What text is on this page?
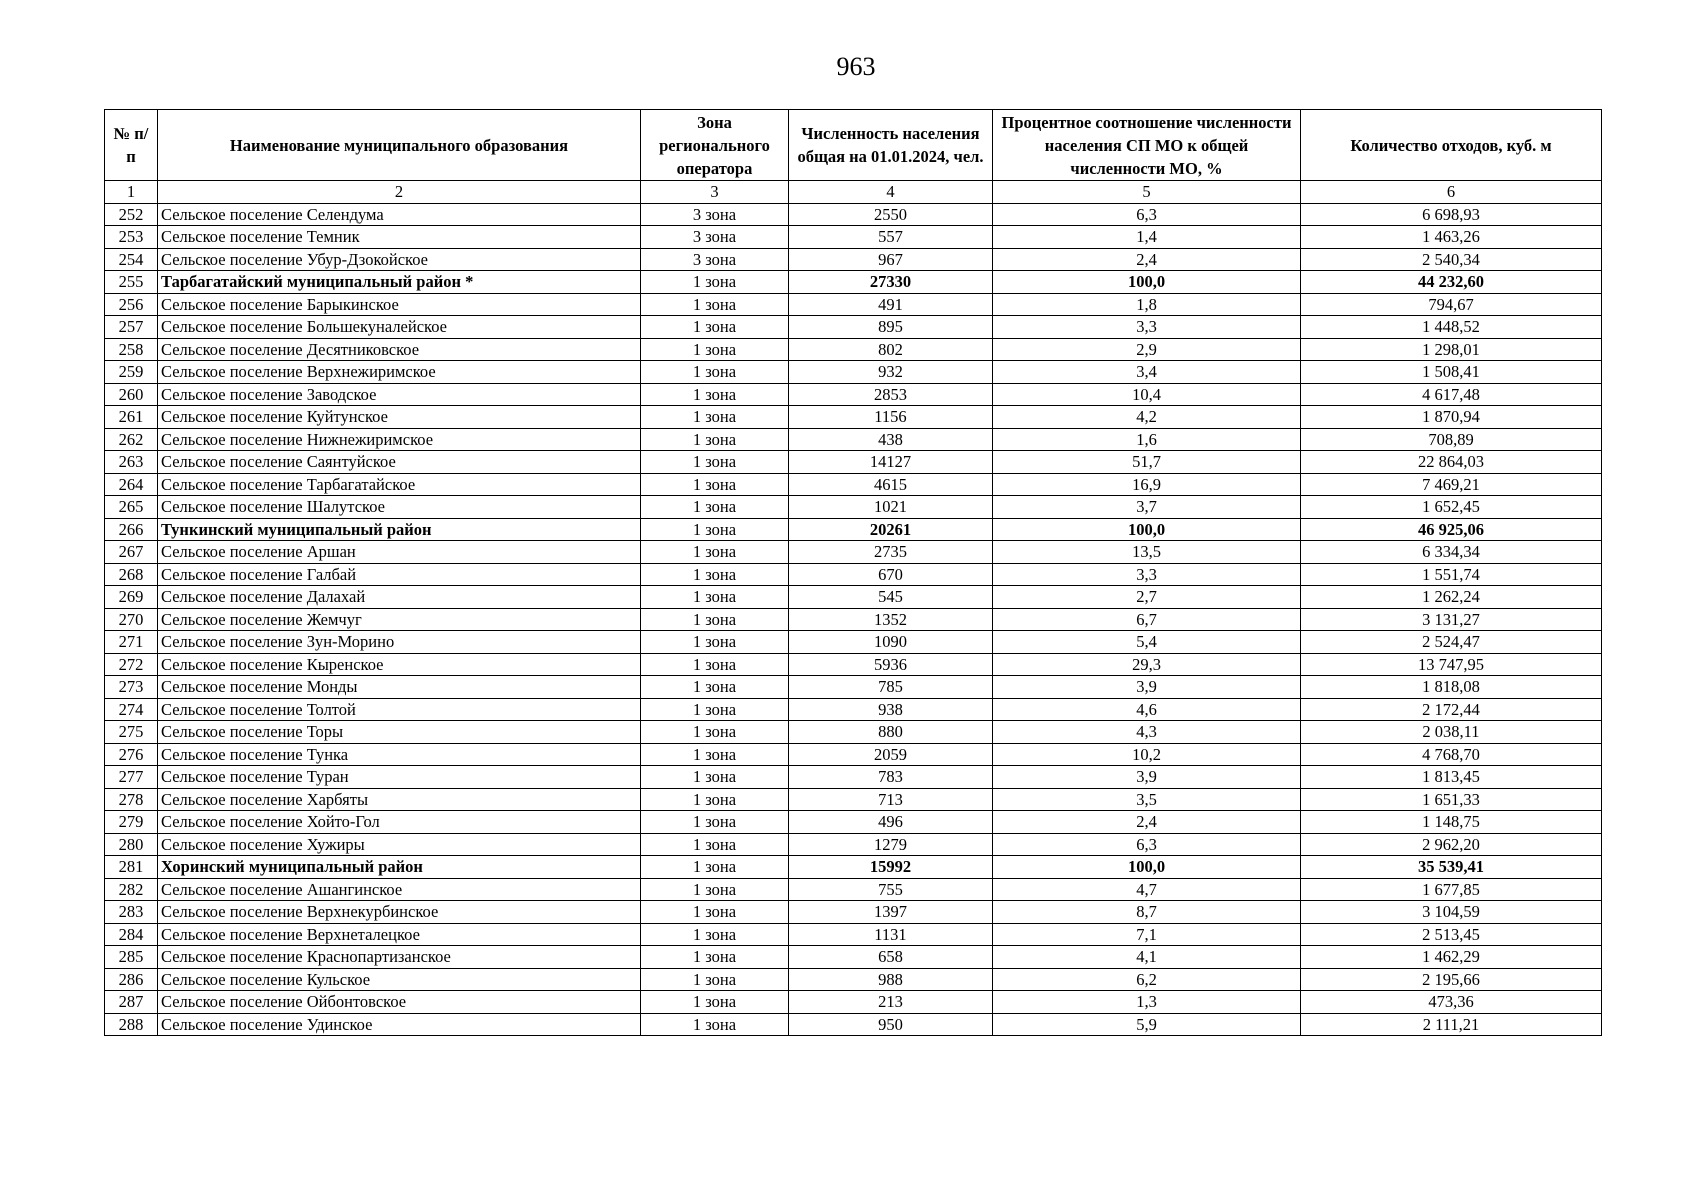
963
№ п/п	Наименование муниципального образования	Зона регионального оператора	Численность населения общая на 01.01.2024, чел.	Процентное соотношение численности населения СП МО к общей численности МО, %	Количество отходов, куб. м
1	2	3	4	5	6
252	Сельское поселение Селендума	3 зона	2550	6,3	6 698,93
253	Сельское поселение Темник	3 зона	557	1,4	1 463,26
254	Сельское поселение Убур-Дзокойское	3 зона	967	2,4	2 540,34
255	Тарбагатайский муниципальный район *	1 зона	27330	100,0	44 232,60
256	Сельское поселение Барыкинское	1 зона	491	1,8	794,67
257	Сельское поселение Большекуналейское	1 зона	895	3,3	1 448,52
258	Сельское поселение Десятниковское	1 зона	802	2,9	1 298,01
259	Сельское поселение Верхнежиримское	1 зона	932	3,4	1 508,41
260	Сельское поселение Заводское	1 зона	2853	10,4	4 617,48
261	Сельское поселение Куйтунское	1 зона	1156	4,2	1 870,94
262	Сельское поселение Нижнежиримское	1 зона	438	1,6	708,89
263	Сельское поселение Саянтуйское	1 зона	14127	51,7	22 864,03
264	Сельское поселение Тарбагатайское	1 зона	4615	16,9	7 469,21
265	Сельское поселение Шалутское	1 зона	1021	3,7	1 652,45
266	Тункинский муниципальный район	1 зона	20261	100,0	46 925,06
267	Сельское поселение Аршан	1 зона	2735	13,5	6 334,34
268	Сельское поселение Галбай	1 зона	670	3,3	1 551,74
269	Сельское поселение Далахай	1 зона	545	2,7	1 262,24
270	Сельское поселение Жемчуг	1 зона	1352	6,7	3 131,27
271	Сельское поселение Зун-Морино	1 зона	1090	5,4	2 524,47
272	Сельское поселение Кыренское	1 зона	5936	29,3	13 747,95
273	Сельское поселение Монды	1 зона	785	3,9	1 818,08
274	Сельское поселение Толтой	1 зона	938	4,6	2 172,44
275	Сельское поселение Торы	1 зона	880	4,3	2 038,11
276	Сельское поселение Тунка	1 зона	2059	10,2	4 768,70
277	Сельское поселение Туран	1 зона	783	3,9	1 813,45
278	Сельское поселение Харбяты	1 зона	713	3,5	1 651,33
279	Сельское поселение Хойто-Гол	1 зона	496	2,4	1 148,75
280	Сельское поселение Хужиры	1 зона	1279	6,3	2 962,20
281	Хоринский муниципальный район	1 зона	15992	100,0	35 539,41
282	Сельское поселение Ашангинское	1 зона	755	4,7	1 677,85
283	Сельское поселение Верхнекурбинское	1 зона	1397	8,7	3 104,59
284	Сельское поселение Верхнеталецкое	1 зона	1131	7,1	2 513,45
285	Сельское поселение Краснопартизанское	1 зона	658	4,1	1 462,29
286	Сельское поселение Кульское	1 зона	988	6,2	2 195,66
287	Сельское поселение Ойбонтовское	1 зона	213	1,3	473,36
288	Сельское поселение Удинское	1 зона	950	5,9	2 111,21
